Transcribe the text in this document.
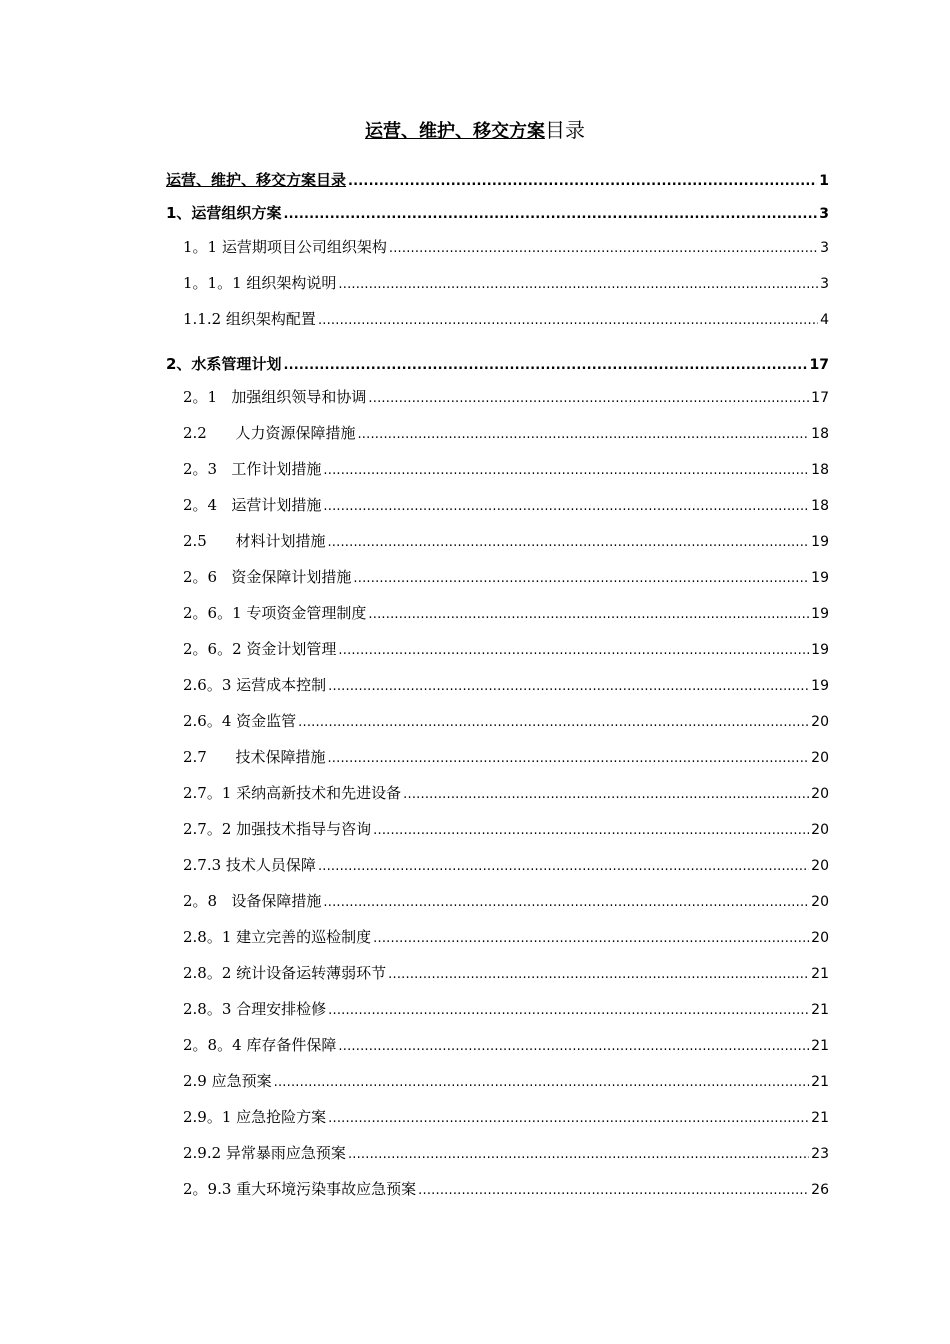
运营、维护、移交方案目录
运营、维护、移交方案目录 .....	1
1、运营组织方案 .....	3
1。1 运营期项目公司组织架构 .....	3
1。1。1 组织架构说明 .....	3
1.1.2 组织架构配置 .....	4
2、水系管理计划 .....	17
2。1   加强组织领导和协调 .....	17
2.2      人力资源保障措施 .....	18
2。3   工作计划措施 .....	18
2。4   运营计划措施 .....	18
2.5      材料计划措施 .....	19
2。6   资金保障计划措施 .....	19
2。6。1 专项资金管理制度 .....	19
2。6。2 资金计划管理 .....	19
2.6。3 运营成本控制 .....	19
2.6。4 资金监管 .....	20
2.7      技术保障措施 .....	20
2.7。1 采纳高新技术和先进设备 .....	20
2.7。2 加强技术指导与咨询 .....	20
2.7.3 技术人员保障 .....	20
2。8   设备保障措施 .....	20
2.8。1 建立完善的巡检制度 .....	20
2.8。2 统计设备运转薄弱环节 .....	21
2.8。3 合理安排检修 .....	21
2。8。4 库存备件保障 .....	21
2.9 应急预案 .....	21
2.9。1 应急抢险方案 .....	21
2.9.2 异常暴雨应急预案 .....	23
2。9.3 重大环境污染事故应急预案 .....	26
